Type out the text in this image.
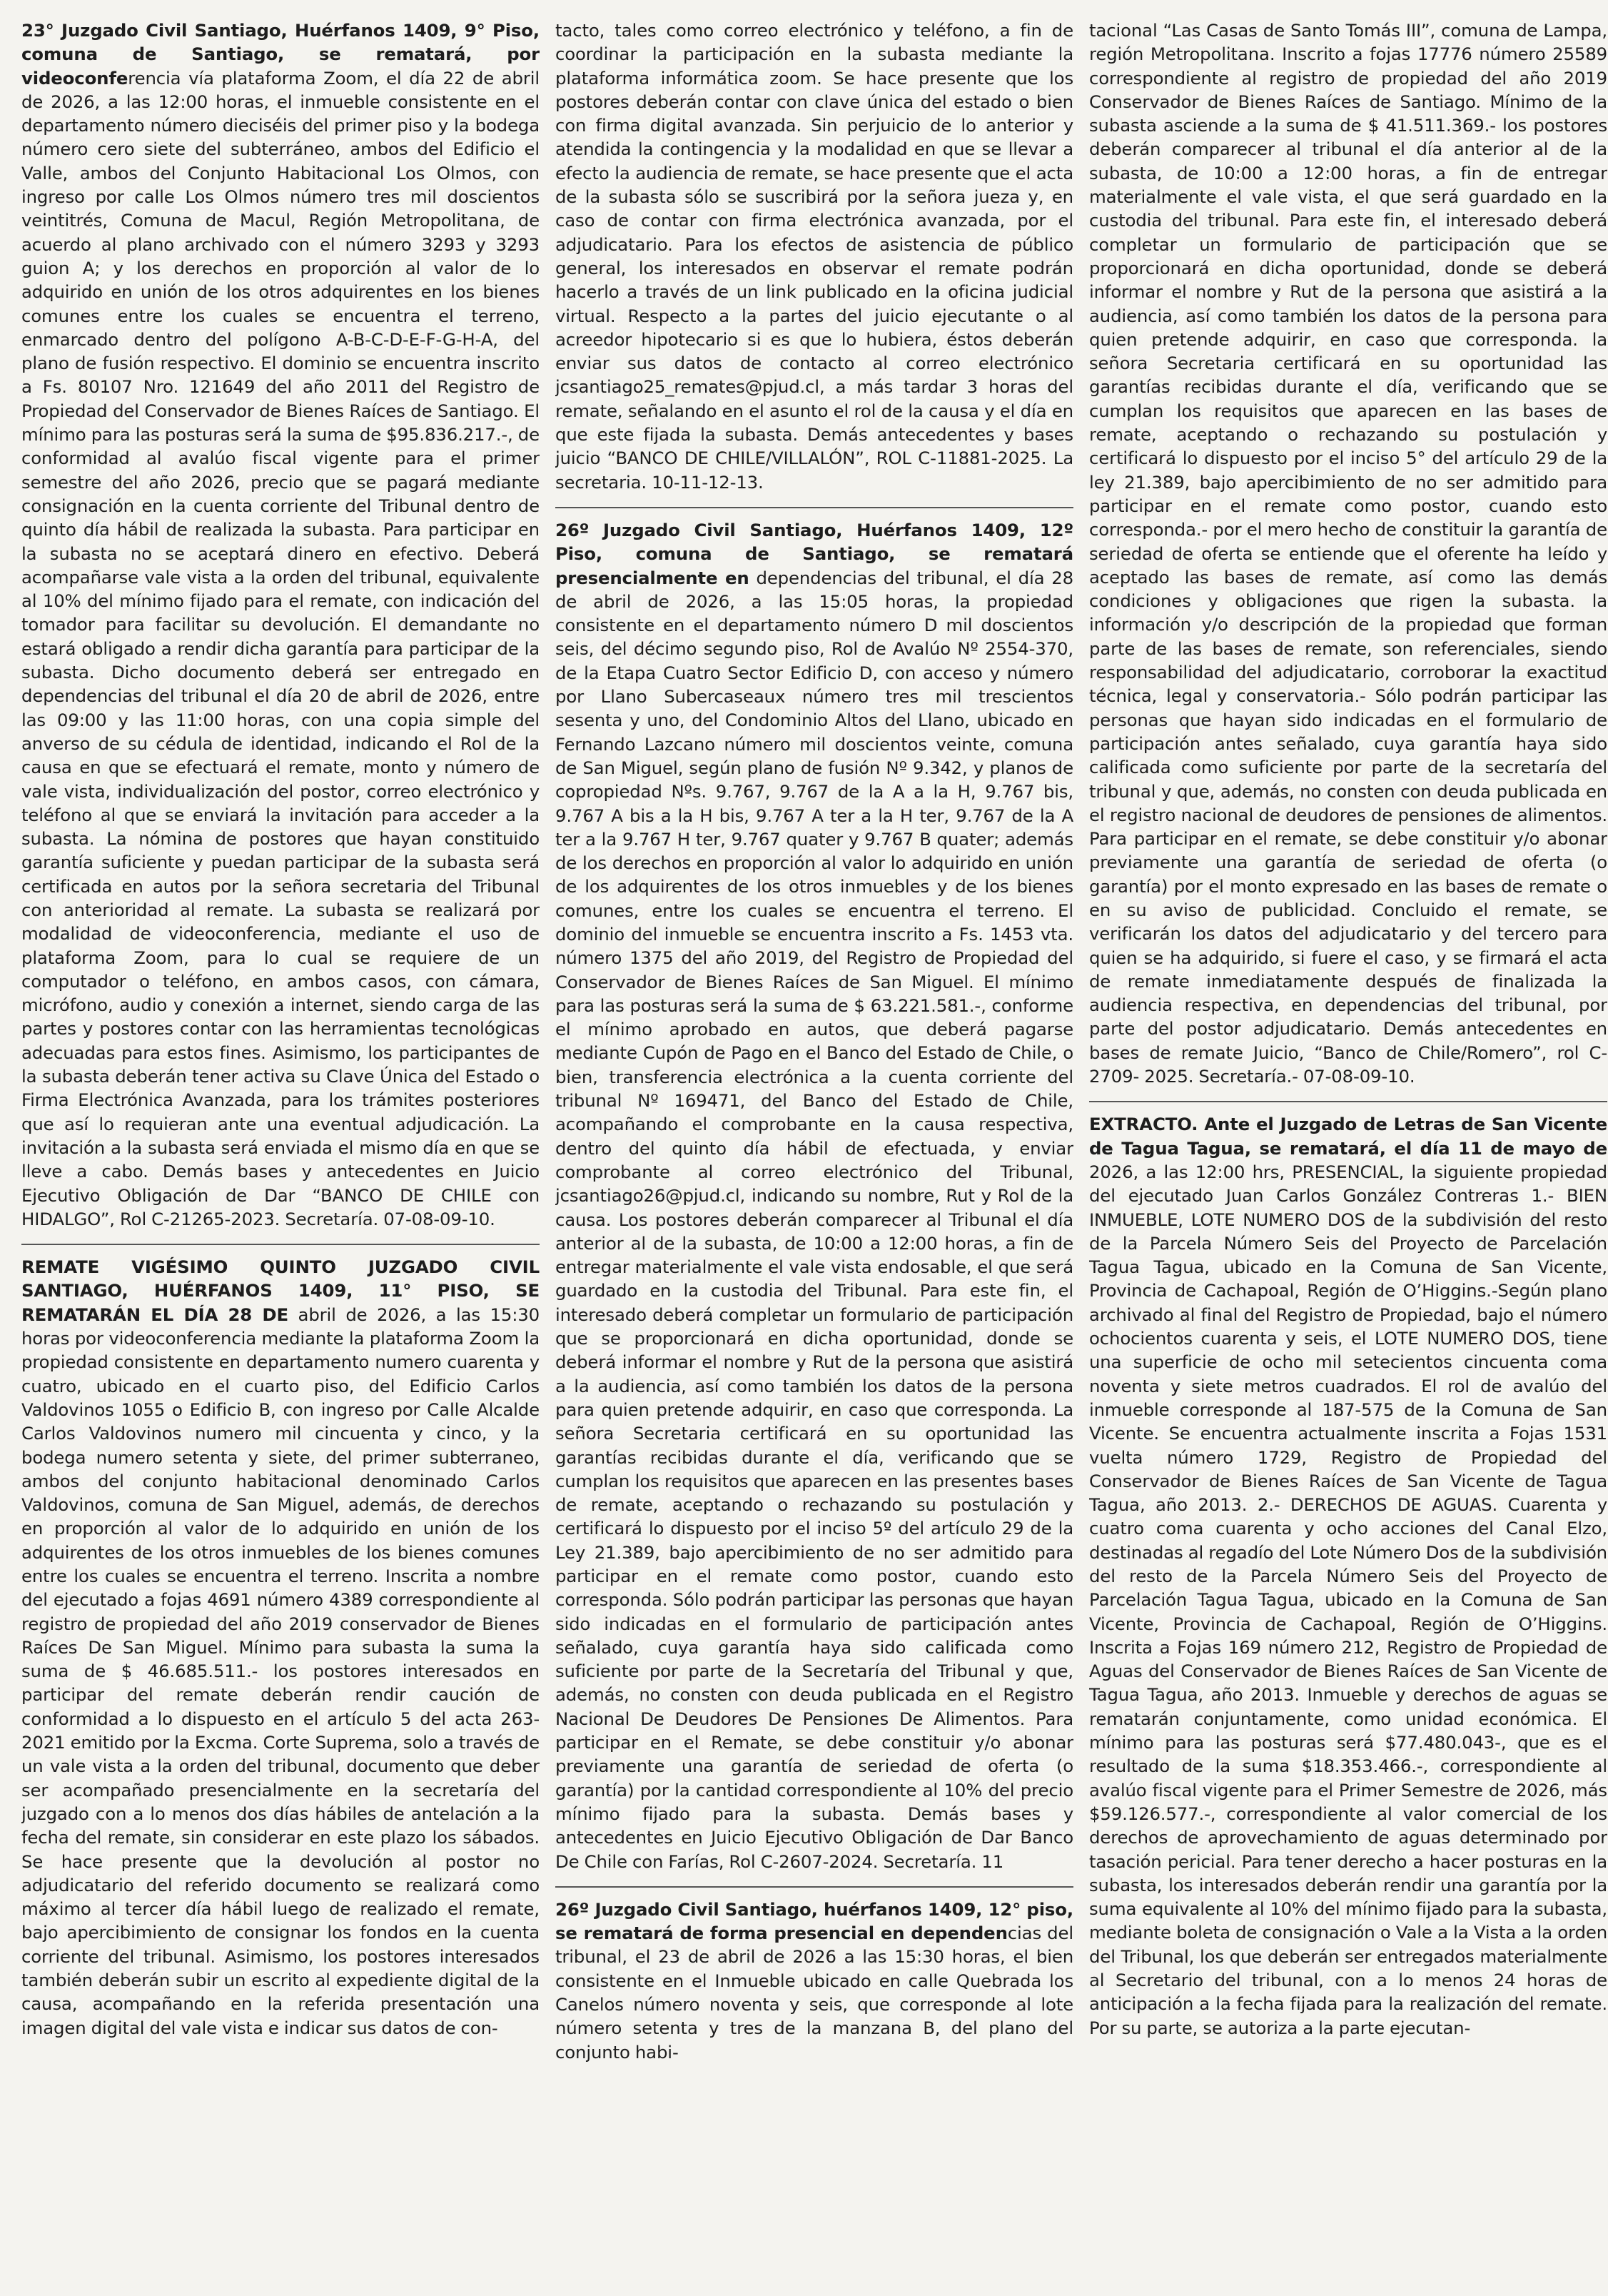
23° Juzgado Civil Santiago, Huérfanos 1409, 9° Piso, comuna de Santiago, se rematará, por videoconferencia vía plataforma Zoom, el día 22 de abril de 2026, a las 12:00 horas, el inmueble consistente en el departamento número dieciséis del primer piso y la bodega número cero siete del subterráneo, ambos del Edificio el Valle, ambos del Conjunto Habitacional Los Olmos, con ingreso por calle Los Olmos número tres mil doscientos veintitrés, Comuna de Macul, Región Metropolitana, de acuerdo al plano archivado con el número 3293 y 3293 guion A; y los derechos en proporción al valor de lo adquirido en unión de los otros adquirentes en los bienes comunes entre los cuales se encuentra el terreno, enmarcado dentro del polígono A-B-C-D-E-F-G-H-A, del plano de fusión respectivo. El dominio se encuentra inscrito a Fs. 80107 Nro. 121649 del año 2011 del Registro de Propiedad del Conservador de Bienes Raíces de Santiago. El mínimo para las posturas será la suma de $95.836.217.-, de conformidad al avalúo fiscal vigente para el primer semestre del año 2026, precio que se pagará mediante consignación en la cuenta corriente del Tribunal dentro de quinto día hábil de realizada la subasta. Para participar en la subasta no se aceptará dinero en efectivo. Deberá acompañarse vale vista a la orden del tribunal, equivalente al 10% del mínimo fijado para el remate, con indicación del tomador para facilitar su devolución. El demandante no estará obligado a rendir dicha garantía para participar de la subasta. Dicho documento deberá ser entregado en dependencias del tribunal el día 20 de abril de 2026, entre las 09:00 y las 11:00 horas, con una copia simple del anverso de su cédula de identidad, indicando el Rol de la causa en que se efectuará el remate, monto y número de vale vista, individualización del postor, correo electrónico y teléfono al que se enviará la invitación para acceder a la subasta. La nómina de postores que hayan constituido garantía suficiente y puedan participar de la subasta será certificada en autos por la señora secretaria del Tribunal con anterioridad al remate. La subasta se realizará por modalidad de videoconferencia, mediante el uso de plataforma Zoom, para lo cual se requiere de un computador o teléfono, en ambos casos, con cámara, micrófono, audio y conexión a internet, siendo carga de las partes y postores contar con las herramientas tecnológicas adecuadas para estos fines. Asimismo, los participantes de la subasta deberán tener activa su Clave Única del Estado o Firma Electrónica Avanzada, para los trámites posteriores que así lo requieran ante una eventual adjudicación. La invitación a la subasta será enviada el mismo día en que se lleve a cabo. Demás bases y antecedentes en Juicio Ejecutivo Obligación de Dar “BANCO DE CHILE con HIDALGO”, Rol C-21265-2023. Secretaría. 07-08-09-10.

REMATE VIGÉSIMO QUINTO JUZGADO CIVIL SANTIAGO, HUÉRFANOS 1409, 11° PISO, SE REMATARÁN EL DÍA 28 DE abril de 2026, a las 15:30 horas por videoconferencia mediante la plataforma Zoom la propiedad consistente en departamento numero cuarenta y cuatro, ubicado en el cuarto piso, del Edificio Carlos Valdovinos 1055 o Edificio B, con ingreso por Calle Alcalde Carlos Valdovinos numero mil cincuenta y cinco, y la bodega numero setenta y siete, del primer subterraneo, ambos del conjunto habitacional denominado Carlos Valdovinos, comuna de San Miguel, además, de derechos en proporción al valor de lo adquirido en unión de los adquirentes de los otros inmuebles de los bienes comunes entre los cuales se encuentra el terreno. Inscrita a nombre del ejecutado a fojas 4691 número 4389 correspondiente al registro de propiedad del año 2019 conservador de Bienes Raíces De San Miguel. Mínimo para subasta la suma la suma de $ 46.685.511.- los postores interesados en participar del remate deberán rendir caución de conformidad a lo dispuesto en el artículo 5 del acta 263-2021 emitido por la Excma. Corte Suprema, solo a través de un vale vista a la orden del tribunal, documento que deber ser acompañado presencialmente en la secretaría del juzgado con a lo menos dos días hábiles de antelación a la fecha del remate, sin considerar en este plazo los sábados. Se hace presente que la devolución al postor no adjudicatario del referido documento se realizará como máximo al tercer día hábil luego de realizado el remate, bajo apercibimiento de consignar los fondos en la cuenta corriente del tribunal. Asimismo, los postores interesados también deberán subir un escrito al expediente digital de la causa, acompañando en la referida presentación una imagen digital del vale vista e indicar sus datos de con-

tacto, tales como correo electrónico y teléfono, a fin de coordinar la participación en la subasta mediante la plataforma informática zoom. Se hace presente que los postores deberán contar con clave única del estado o bien con firma digital avanzada. Sin perjuicio de lo anterior y atendida la contingencia y la modalidad en que se llevar a efecto la audiencia de remate, se hace presente que el acta de la subasta sólo se suscribirá por la señora jueza y, en caso de contar con firma electrónica avanzada, por el adjudicatario. Para los efectos de asistencia de público general, los interesados en observar el remate podrán hacerlo a través de un link publicado en la oficina judicial virtual. Respecto a la partes del juicio ejecutante o al acreedor hipotecario si es que lo hubiera, éstos deberán enviar sus datos de contacto al correo electrónico jcsantiago25_remates@pjud.cl, a más tardar 3 horas del remate, señalando en el asunto el rol de la causa y el día en que este fijada la subasta. Demás antecedentes y bases juicio “BANCO DE CHILE/VILLALÓN”, ROL C-11881-2025. La secretaria. 10-11-12-13.

26º Juzgado Civil Santiago, Huérfanos 1409, 12º Piso, comuna de Santiago, se rematará presencialmente en dependencias del tribunal, el día 28 de abril de 2026, a las 15:05 horas, la propiedad consistente en el departamento número D mil doscientos seis, del décimo segundo piso, Rol de Avalúo Nº 2554-370, de la Etapa Cuatro Sector Edificio D, con acceso y número por Llano Subercaseaux número tres mil trescientos sesenta y uno, del Condominio Altos del Llano, ubicado en Fernando Lazcano número mil doscientos veinte, comuna de San Miguel, según plano de fusión Nº 9.342, y planos de copropiedad Nºs. 9.767, 9.767 de la A a la H, 9.767 bis, 9.767 A bis a la H bis, 9.767 A ter a la H ter, 9.767 de la A ter a la 9.767 H ter, 9.767 quater y 9.767 B quater; además de los derechos en proporción al valor lo adquirido en unión de los adquirentes de los otros inmuebles y de los bienes comunes, entre los cuales se encuentra el terreno. El dominio del inmueble se encuentra inscrito a Fs. 1453 vta. número 1375 del año 2019, del Registro de Propiedad del Conservador de Bienes Raíces de San Miguel. El mínimo para las posturas será la suma de $ 63.221.581.-, conforme el mínimo aprobado en autos, que deberá pagarse mediante Cupón de Pago en el Banco del Estado de Chile, o bien, transferencia electrónica a la cuenta corriente del tribunal Nº 169471, del Banco del Estado de Chile, acompañando el comprobante en la causa respectiva, dentro del quinto día hábil de efectuada, y enviar comprobante al correo electrónico del Tribunal, jcsantiago26@pjud.cl, indicando su nombre, Rut y Rol de la causa. Los postores deberán comparecer al Tribunal el día anterior al de la subasta, de 10:00 a 12:00 horas, a fin de entregar materialmente el vale vista endosable, el que será guardado en la custodia del Tribunal. Para este fin, el interesado deberá completar un formulario de participación que se proporcionará en dicha oportunidad, donde se deberá informar el nombre y Rut de la persona que asistirá a la audiencia, así como también los datos de la persona para quien pretende adquirir, en caso que corresponda. La señora Secretaria certificará en su oportunidad las garantías recibidas durante el día, verificando que se cumplan los requisitos que aparecen en las presentes bases de remate, aceptando o rechazando su postulación y certificará lo dispuesto por el inciso 5º del artículo 29 de la Ley 21.389, bajo apercibimiento de no ser admitido para participar en el remate como postor, cuando esto corresponda. Sólo podrán participar las personas que hayan sido indicadas en el formulario de participación antes señalado, cuya garantía haya sido calificada como suficiente por parte de la Secretaría del Tribunal y que, además, no consten con deuda publicada en el Registro Nacional De Deudores De Pensiones De Alimentos. Para participar en el Remate, se debe constituir y/o abonar previamente una garantía de seriedad de oferta (o garantía) por la cantidad correspondiente al 10% del precio mínimo fijado para la subasta. Demás bases y antecedentes en Juicio Ejecutivo Obligación de Dar Banco De Chile con Farías, Rol C-2607-2024. Secretaría. 11

26º Juzgado Civil Santiago, huérfanos 1409, 12° piso, se rematará de forma presencial en dependencias del tribunal, el 23 de abril de 2026 a las 15:30 horas, el bien consistente en el Inmueble ubicado en calle Quebrada los Canelos número noventa y seis, que corresponde al lote número setenta y tres de la manzana B, del plano del conjunto habi-

tacional “Las Casas de Santo Tomás III”, comuna de Lampa, región Metropolitana. Inscrito a fojas 17776 número 25589 correspondiente al registro de propiedad del año 2019 Conservador de Bienes Raíces de Santiago. Mínimo de la subasta asciende a la suma de $ 41.511.369.- los postores deberán comparecer al tribunal el día anterior al de la subasta, de 10:00 a 12:00 horas, a fin de entregar materialmente el vale vista, el que será guardado en la custodia del tribunal. Para este fin, el interesado deberá completar un formulario de participación que se proporcionará en dicha oportunidad, donde se deberá informar el nombre y Rut de la persona que asistirá a la audiencia, así como también los datos de la persona para quien pretende adquirir, en caso que corresponda. la señora Secretaria certificará en su oportunidad las garantías recibidas durante el día, verificando que se cumplan los requisitos que aparecen en las bases de remate, aceptando o rechazando su postulación y certificará lo dispuesto por el inciso 5° del artículo 29 de la ley 21.389, bajo apercibimiento de no ser admitido para participar en el remate como postor, cuando esto corresponda.- por el mero hecho de constituir la garantía de seriedad de oferta se entiende que el oferente ha leído y aceptado las bases de remate, así como las demás condiciones y obligaciones que rigen la subasta. la información y/o descripción de la propiedad que forman parte de las bases de remate, son referenciales, siendo responsabilidad del adjudicatario, corroborar la exactitud técnica, legal y conservatoria.- Sólo podrán participar las personas que hayan sido indicadas en el formulario de participación antes señalado, cuya garantía haya sido calificada como suficiente por parte de la secretaría del tribunal y que, además, no consten con deuda publicada en el registro nacional de deudores de pensiones de alimentos. Para participar en el remate, se debe constituir y/o abonar previamente una garantía de seriedad de oferta (o garantía) por el monto expresado en las bases de remate o en su aviso de publicidad. Concluido el remate, se verificarán los datos del adjudicatario y del tercero para quien se ha adquirido, si fuere el caso, y se firmará el acta de remate inmediatamente después de finalizada la audiencia respectiva, en dependencias del tribunal, por parte del postor adjudicatario. Demás antecedentes en bases de remate Juicio, “Banco de Chile/Romero”, rol C-2709- 2025. Secretaría.- 07-08-09-10.

EXTRACTO. Ante el Juzgado de Letras de San Vicente de Tagua Tagua, se rematará, el día 11 de mayo de 2026, a las 12:00 hrs, PRESENCIAL, la siguiente propiedad del ejecutado Juan Carlos González Contreras 1.- BIEN INMUEBLE, LOTE NUMERO DOS de la subdivisión del resto de la Parcela Número Seis del Proyecto de Parcelación Tagua Tagua, ubicado en la Comuna de San Vicente, Provincia de Cachapoal, Región de O’Higgins.-Según plano archivado al final del Registro de Propiedad, bajo el número ochocientos cuarenta y seis, el LOTE NUMERO DOS, tiene una superficie de ocho mil setecientos cincuenta coma noventa y siete metros cuadrados. El rol de avalúo del inmueble corresponde al 187-575 de la Comuna de San Vicente. Se encuentra actualmente inscrita a Fojas 1531 vuelta número 1729, Registro de Propiedad del Conservador de Bienes Raíces de San Vicente de Tagua Tagua, año 2013. 2.- DERECHOS DE AGUAS. Cuarenta y cuatro coma cuarenta y ocho acciones del Canal Elzo, destinadas al regadío del Lote Número Dos de la subdivisión del resto de la Parcela Número Seis del Proyecto de Parcelación Tagua Tagua, ubicado en la Comuna de San Vicente, Provincia de Cachapoal, Región de O’Higgins. Inscrita a Fojas 169 número 212, Registro de Propiedad de Aguas del Conservador de Bienes Raíces de San Vicente de Tagua Tagua, año 2013. Inmueble y derechos de aguas se rematarán conjuntamente, como unidad económica. El mínimo para las posturas será $77.480.043-, que es el resultado de la suma $18.353.466.-, correspondiente al avalúo fiscal vigente para el Primer Semestre de 2026, más $59.126.577.-, correspondiente al valor comercial de los derechos de aprovechamiento de aguas determinado por tasación pericial. Para tener derecho a hacer posturas en la subasta, los interesados deberán rendir una garantía por la suma equivalente al 10% del mínimo fijado para la subasta, mediante boleta de consignación o Vale a la Vista a la orden del Tribunal, los que deberán ser entregados materialmente al Secretario del tribunal, con a lo menos 24 horas de anticipación a la fecha fijada para la realización del remate. Por su parte, se autoriza a la parte ejecutan-
